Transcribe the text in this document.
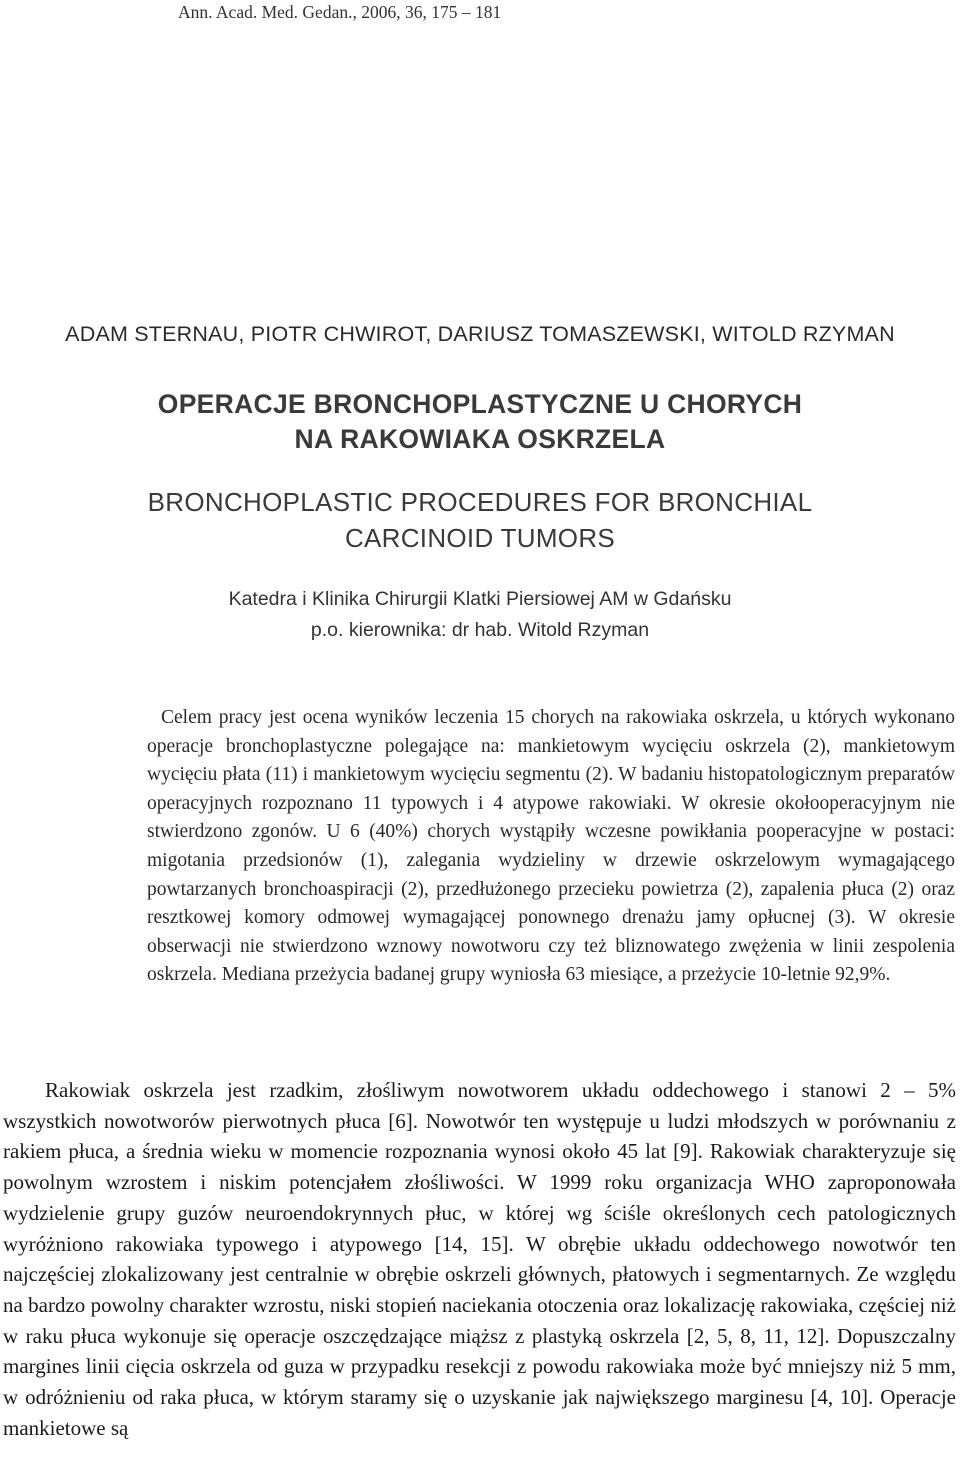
Ann. Acad. Med. Gedan., 2006, 36, 175 – 181
ADAM STERNAU, PIOTR CHWIROT, DARIUSZ TOMASZEWSKI, WITOLD RZYMAN
OPERACJE BRONCHOPLASTYCZNE U CHORYCH
NA RAKOWIAKA OSKRZELA
BRONCHOPLASTIC PROCEDURES FOR BRONCHIAL
CARCINOID TUMORS
Katedra i Klinika Chirurgii Klatki Piersiowej AM w Gdańsku
p.o. kierownika: dr hab. Witold Rzyman

Celem pracy jest ocena wyników leczenia 15 chorych na rakowiaka oskrzela, u których wykonano operacje bronchoplastyczne polegające na: mankietowym wycięciu oskrzela (2), mankietowym wycięciu płata (11) i mankietowym wycięciu segmentu (2). W badaniu histopatologicznym preparatów operacyjnych rozpoznano 11 typowych i 4 atypowe rakowiaki. W okresie okołooperacyjnym nie stwierdzono zgonów. U 6 (40%) chorych wystąpiły wczesne powikłania pooperacyjne w postaci: migotania przedsionów (1), zalegania wydzieliny w drzewie oskrzelowym wymagającego powtarzanych bronchoaspiracji (2), przedłużonego przecieku powietrza (2), zapalenia płuca (2) oraz resztkowej komory odmowej wymagającej ponownego drenażu jamy opłucnej (3). W okresie obserwacji nie stwierdzono wznowy nowotworu czy też bliznowatego zwężenia w linii zespolenia oskrzela. Mediana przeżycia badanej grupy wyniosła 63 miesiące, a przeżycie 10-letnie 92,9%.

Rakowiak oskrzela jest rzadkim, złośliwym nowotworem układu oddechowego i stanowi 2 – 5% wszystkich nowotworów pierwotnych płuca [6]. Nowotwór ten występuje u ludzi młodszych w porównaniu z rakiem płuca, a średnia wieku w momencie rozpoznania wynosi około 45 lat [9]. Rakowiak charakteryzuje się powolnym wzrostem i niskim potencjałem złośliwości. W 1999 roku organizacja WHO zaproponowała wydzielenie grupy guzów neuroendokrynnych płuc, w której wg ściśle określonych cech patologicznych wyróżniono rakowiaka typowego i atypowego [14, 15]. W obrębie układu oddechowego nowotwór ten najczęściej zlokalizowany jest centralnie w obrębie oskrzeli głównych, płatowych i segmentarnych. Ze względu na bardzo powolny charakter wzrostu, niski stopień naciekania otoczenia oraz lokalizację rakowiaka, częściej niż w raku płuca wykonuje się operacje oszczędzające miąższ z plastyką oskrzela [2, 5, 8, 11, 12]. Dopuszczalny margines linii cięcia oskrzela od guza w przypadku resekcji z powodu rakowiaka może być mniejszy niż 5 mm, w odróżnieniu od raka płuca, w którym staramy się o uzyskanie jak największego marginesu [4, 10]. Operacje mankietowe są
